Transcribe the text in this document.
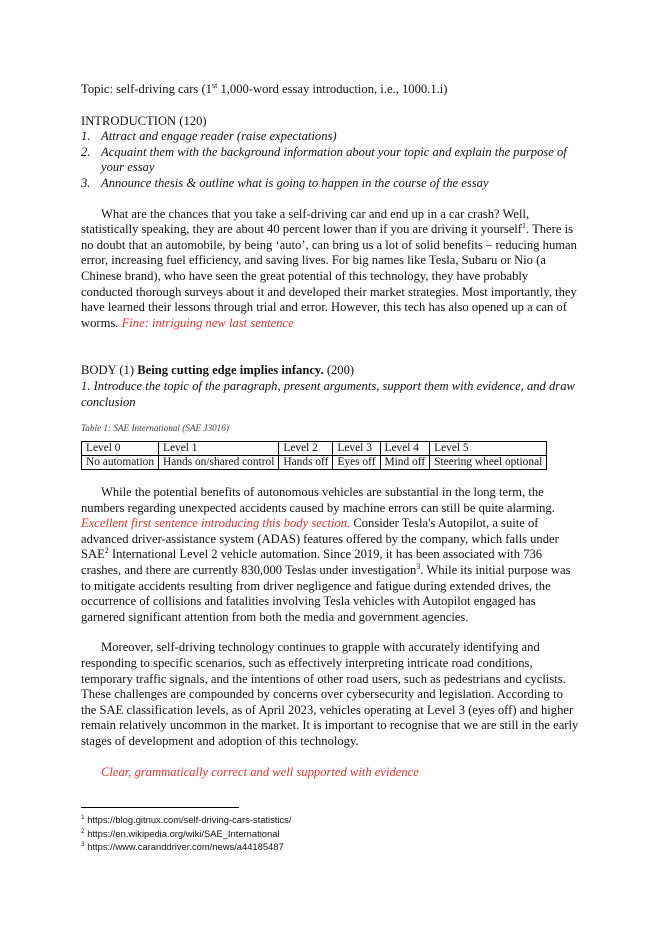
Topic: self-driving cars (1st 1,000-word essay introduction, i.e., 1000.1.i)

INTRODUCTION (120)

1. Attract and engage reader (raise expectations)
2. Acquaint them with the background information about your topic and explain the purpose of your essay
3. Announce thesis & outline what is going to happen in the course of the essay

What are the chances that you take a self-driving car and end up in a car crash? Well, statistically speaking, they are about 40 percent lower than if you are driving it yourself$^1$. There is no doubt that an automobile, by being ‘auto’, can bring us a lot of solid benefits – reducing human error, increasing fuel efficiency, and saving lives. For big names like Tesla, Subaru or Nio (a Chinese brand), who have seen the great potential of this technology, they have probably conducted thorough surveys about it and developed their market strategies. Most importantly, they have learned their lessons through trial and error. However, this tech has also opened up a can of worms. Fine: intriguing new last sentence

BODY (1) Being cutting edge implies infancy. (200)

1. Introduce the topic of the paragraph, present arguments, support them with evidence, and draw conclusion

Table 1: SAE International (SAE J3016)

Level 0	Level 1	Level 2	Level 3	Level 4	Level 5
No automation	Hands on/shared control	Hands off	Eyes off	Mind off	Steering wheel optional

While the potential benefits of autonomous vehicles are substantial in the long term, the numbers regarding unexpected accidents caused by machine errors can still be quite alarming. Excellent first sentence introducing this body section. Consider Tesla's Autopilot, a suite of advanced driver-assistance system (ADAS) features offered by the company, which falls under SAE$^2$ International Level 2 vehicle automation. Since 2019, it has been associated with 736 crashes, and there are currently 830,000 Teslas under investigation$^3$. While its initial purpose was to mitigate accidents resulting from driver negligence and fatigue during extended drives, the occurrence of collisions and fatalities involving Tesla vehicles with Autopilot engaged has garnered significant attention from both the media and government agencies.

Moreover, self-driving technology continues to grapple with accurately identifying and responding to specific scenarios, such as effectively interpreting intricate road conditions, temporary traffic signals, and the intentions of other road users, such as pedestrians and cyclists. These challenges are compounded by concerns over cybersecurity and legislation. According to the SAE classification levels, as of April 2023, vehicles operating at Level 3 (eyes off) and higher remain relatively uncommon in the market. It is important to recognise that we are still in the early stages of development and adoption of this technology.

Clear, grammatically correct and well supported with evidence

$^1$ https://blog.gitnux.com/self-driving-cars-statistics/
$^2$ https://en.wikipedia.org/wiki/SAE_International
$^3$ https://www.caranddriver.com/news/a44185487
